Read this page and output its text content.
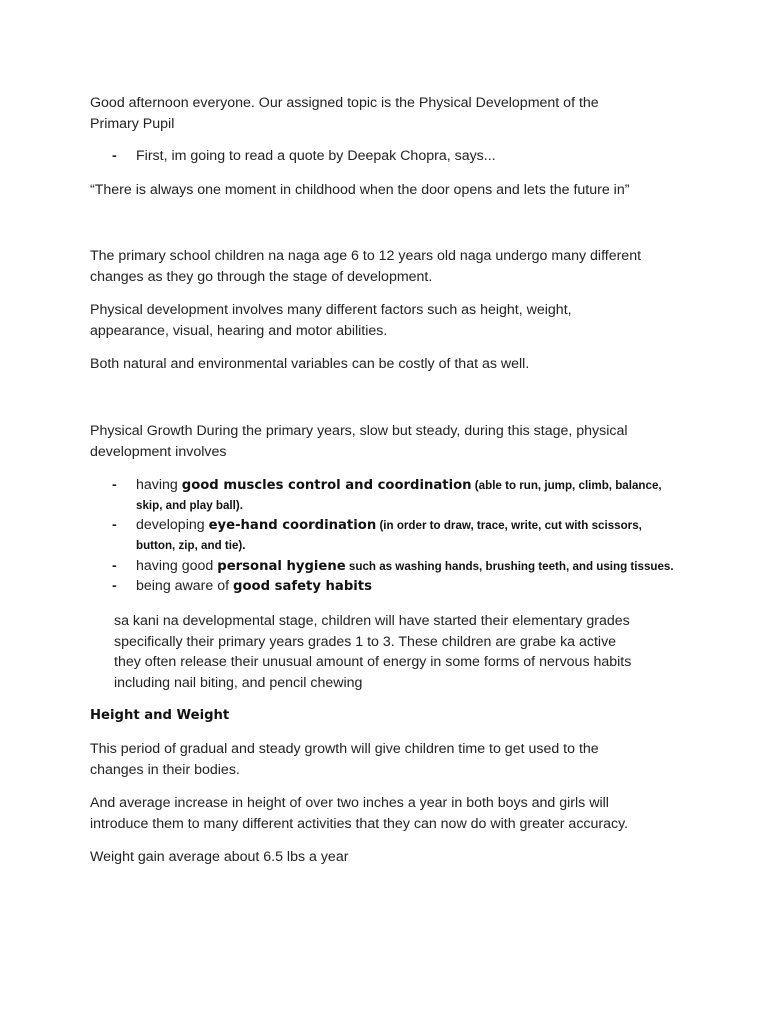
Good afternoon everyone. Our assigned topic is the Physical Development of the
Primary Pupil
- First, im going to read a quote by Deepak Chopra, says...
“There is always one moment in childhood when the door opens and lets the future in”
The primary school children na naga age 6 to 12 years old naga undergo many different
changes as they go through the stage of development.
Physical development involves many different factors such as height, weight,
appearance, visual, hearing and motor abilities.
Both natural and environmental variables can be costly of that as well.
Physical Growth During the primary years, slow but steady, during this stage, physical
development involves
- having good muscles control and coordination (able to run, jump, climb, balance,
skip, and play ball).
- developing eye-hand coordination (in order to draw, trace, write, cut with scissors,
button, zip, and tie).
- having good personal hygiene such as washing hands, brushing teeth, and using tissues.
- being aware of good safety habits
sa kani na developmental stage, children will have started their elementary grades
specifically their primary years grades 1 to 3. These children are grabe ka active
they often release their unusual amount of energy in some forms of nervous habits
including nail biting, and pencil chewing
Height and Weight
This period of gradual and steady growth will give children time to get used to the
changes in their bodies.
And average increase in height of over two inches a year in both boys and girls will
introduce them to many different activities that they can now do with greater accuracy.
Weight gain average about 6.5 lbs a year
